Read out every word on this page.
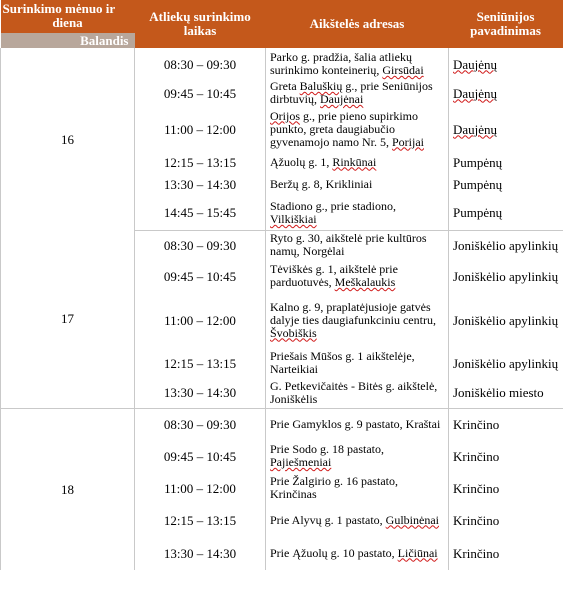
Surinkimo mėnuo ir

diena
Balandis	Atliekų surinkimo laikas	Aikštelės adresas	Seniūnijos pavadinimas
16	08:30 – 09:30	Parko g. pradžia, šalia atliekų surinkimo konteinerių, Girsūdai	Daujėnų
	09:45 – 10:45	Greta Baluškių g., prie Seniūnijos dirbtuvių, Daujėnai	Daujėnų
	11:00 – 12:00	Orijos g., prie pieno supirkimo punkto, greta daugiabučio gyvenamojo namo Nr. 5, Porijai	Daujėnų
	12:15 – 13:15	Ąžuolų g. 1, Rinkūnai	Pumpėnų
	13:30 – 14:30	Beržų g. 8, Krikliniai	Pumpėnų
	14:45 – 15:45	Stadiono g., prie stadiono, Vilkiškiai	Pumpėnų
17	08:30 – 09:30	Ryto g. 30, aikštelė prie kultūros namų, Norgėlai	Joniškėlio apylinkių
	09:45 – 10:45	Tėviškės g. 1, aikštelė prie parduotuvės, Meškalaukis	Joniškėlio apylinkių
	11:00 – 12:00	Kalno g. 9, praplatėjusioje gatvės dalyje ties daugiafunkciniu centru, Švobiškis	Joniškėlio apylinkių
	12:15 – 13:15	Priešais Mūšos g. 1 aikštelėje, Narteikiai	Joniškėlio apylinkių
	13:30 – 14:30	G. Petkevičaitės - Bitės g. aikštelė, Joniškėlis	Joniškėlio miesto
18	08:30 – 09:30	Prie Gamyklos g. 9 pastato, Kraštai	Krinčino
	09:45 – 10:45	Prie Sodo g. 18 pastato, Pajiešmeniai	Krinčino
	11:00 – 12:00	Prie Žalgirio g. 16 pastato, Krinčinas	Krinčino
	12:15 – 13:15	Prie Alyvų g. 1 pastato, Gulbinėnai	Krinčino
	13:30 – 14:30	Prie Ąžuolų g. 10 pastato, Ličiūnai	Krinčino
